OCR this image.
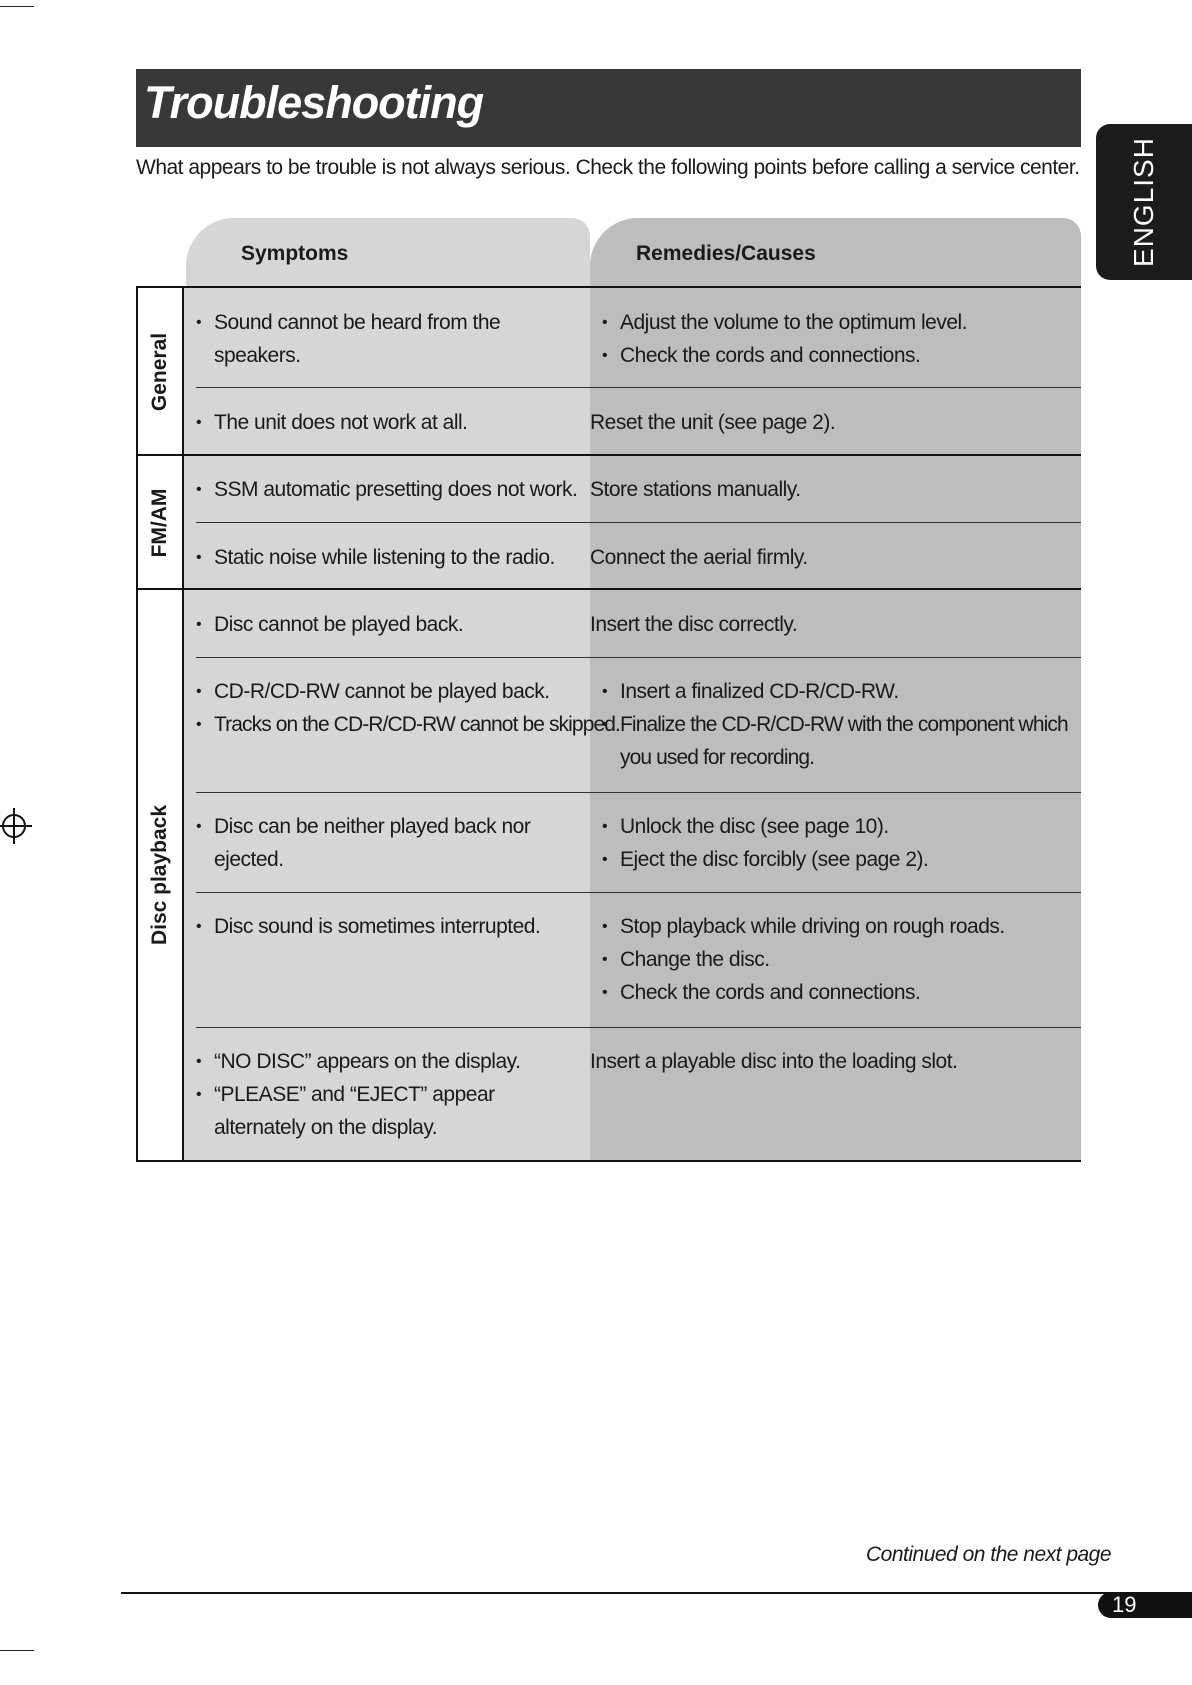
Troubleshooting
What appears to be trouble is not always serious. Check the following points before calling a service center. ENGLISH
Symptoms	Remedies/Causes
General
FM/AM
Disc playback
• Sound cannot be heard from the speakers.
• Adjust the volume to the optimum level.
• Check the cords and connections.
• The unit does not work at all.	Reset the unit (see page 2).
• SSM automatic presetting does not work. Store stations manually.
• Static noise while listening to the radio.	Connect the aerial firmly.
• Disc cannot be played back.	Insert the disc correctly.
• CD-R/CD-RW cannot be played back.
• Tracks on the CD-R/CD-RW cannot be skipped.
• Insert a finalized CD-R/CD-RW.
• Finalize the CD-R/CD-RW with the component which you used for recording.
• Disc can be neither played back nor ejected.
• Unlock the disc (see page 10).
• Eject the disc forcibly (see page 2).
• Disc sound is sometimes interrupted.
•	Stop playback while driving on rough roads.
• Change the disc.
• Check the cords and connections.
• “NO DISC” appears on the display.
• “PLEASE” and “EJECT” appear alternately on the display.
Insert a playable disc into the loading slot.
Continued on the next page
19
